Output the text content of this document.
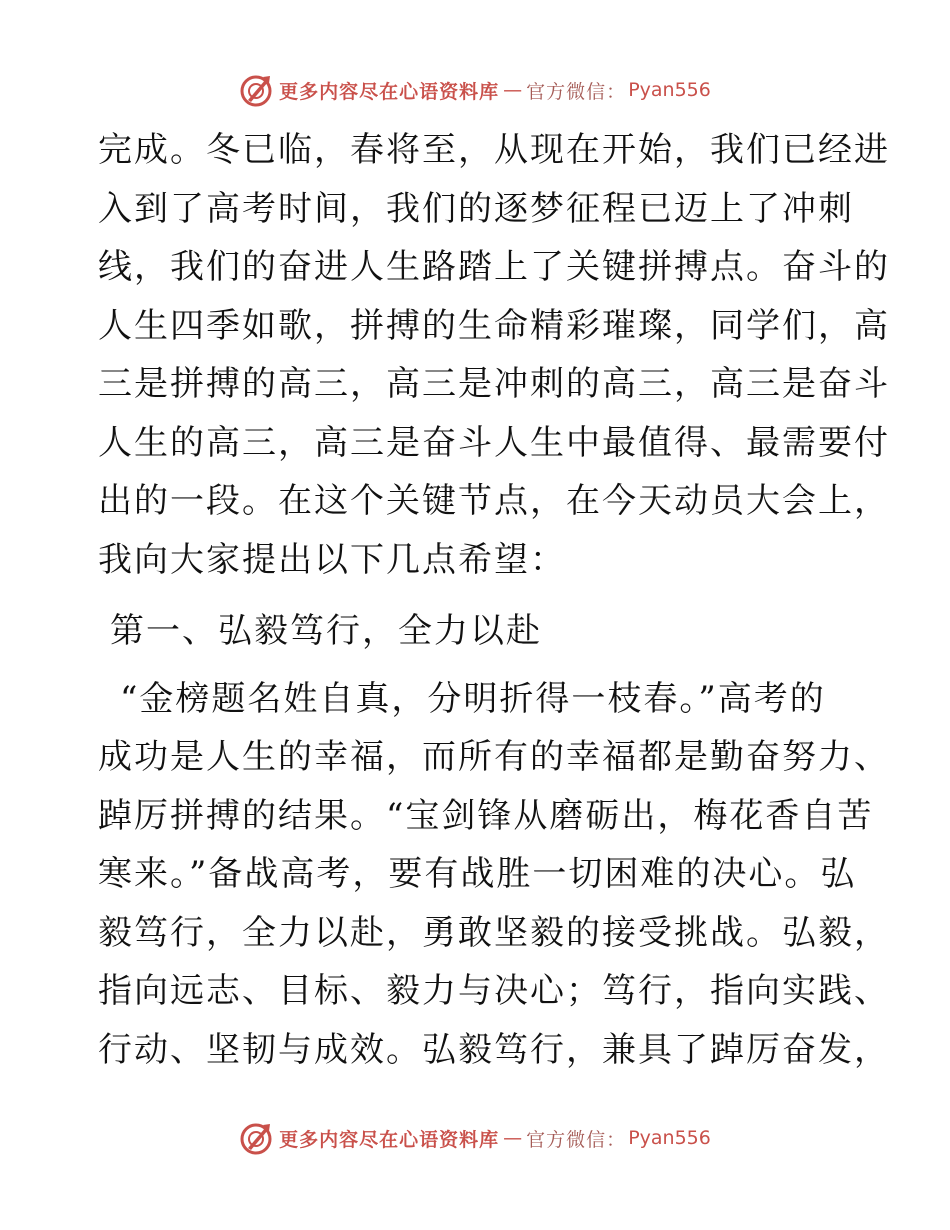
更多内容尽在心语资料库 — 官方微信： Pyan556
完成。冬已临，春将至，从现在开始，我们已经进
入到了高考时间，我们的逐梦征程已迈上了冲刺
线，我们的奋进人生路踏上了关键拼搏点。奋斗的
人生四季如歌，拼搏的生命精彩璀璨，同学们，高
三是拼搏的高三，高三是冲刺的高三，高三是奋斗
人生的高三，高三是奋斗人生中最值得、最需要付
出的一段。在这个关键节点，在今天动员大会上，
我向大家提出以下几点希望：
第一、弘毅笃行，全力以赴
“金榜题名姓自真，分明折得一枝春。”高考的
成功是人生的幸福，而所有的幸福都是勤奋努力、
踔厉拼搏的结果。“宝剑锋从磨砺出，梅花香自苦
寒来。”备战高考，要有战胜一切困难的决心。弘
毅笃行，全力以赴，勇敢坚毅的接受挑战。弘毅，
指向远志、目标、毅力与决心；笃行，指向实践、
行动、坚韧与成效。弘毅笃行，兼具了踔厉奋发，
更多内容尽在心语资料库 — 官方微信： Pyan556
